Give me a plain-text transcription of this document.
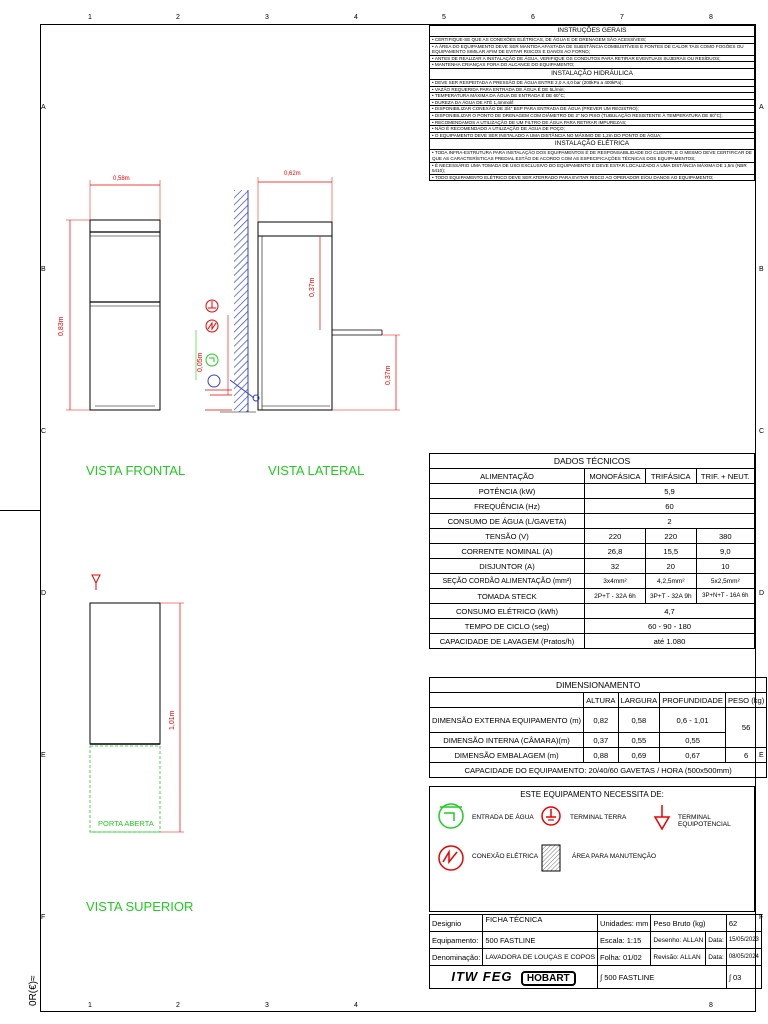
1	2	3	4	5	6	7	8
1	2	3	4	8
A
B
C
D
E
F
A
B
C
D
E
F
0R(€)≈
0,58m
0,83m
0,62m
0,37m
0,37m
0,05m
1,01m
PORTA ABERTA
VISTA FRONTAL	VISTA LATERAL
VISTA SUPERIOR
INSTRUÇÕES GERAIS
• CERTIFIQUE-SE QUE AS CONEXÕES ELÉTRICAS, DE ÁGUA E DE DRENAGEM SÃO ACESSÍVEIS;
• A ÁREA DO EQUIPAMENTO DEVE SER MANTIDA AFASTADA DE SUBSTÂNCIA COMBUSTÍVEIS E FONTES DE CALOR TAIS COMO FOGÕES OU EQUIPAMENTO SIMILAR AFIM DE EVITAR RISCOS E DANOS AO FORNO;
• ANTES DE REALIZAR A INSTALAÇÃO DE ÁGUA, VERIFIQUE OS CONDUTOS PARA RETIRAR EVENTUAIS SUJEIRAS OU RESÍDUOS;
• MANTENHA CRIANÇAS FORA DO ALCANCE DO EQUIPAMENTO;
INSTALAÇÃO HIDRÁULICA
• DEVE SER RESPEITADA A PRESSÃO DE ÁGUA ENTRE 2,0 A 4,0 bar (200kPa a 400kPa);
• VAZÃO REQUERIDA PARA ENTRADA DE ÁGUA É DE 5L/min;
• TEMPERATURA MÁXIMA DA ÁGUA DE ENTRADA É DE 60°C;
• DUREZA DA ÁGUA DE ATÉ 1,4mmol/l
• DISPONIBILIZAR CONEXÃO DE 3/4" BSP PARA ENTRADA DE ÁGUA (PREVER UM REGISTRO);
• DISPONIBILIZAR O PONTO DE DRENAGEM COM DIÂMETRO DE 2" NO PISO (TUBULAÇÃO RESISTENTE À TEMPERATURA DE 80°C);
• RECOMENDAMOS A UTILIZAÇÃO DE UM FILTRO DE ÁGUA PARA RETIRAR IMPUREZAS;
• NÃO É RECOMENDADO A UTILIZAÇÃO DE ÁGUA DE POÇO;
• O EQUIPAMENTO DEVE SER INSTALADO A UMA DISTÂNCIA NO MÁXIMO DE 1,2m DO PONTO DE ÁGUA;
INSTALAÇÃO ELÉTRICA
• TODA INFRA-ESTRUTURA PARA INSTALAÇÃO DOS EQUIPAMENTOS É DE RESPONSABILIDADE DO CLIENTE, E O MESMO DEVE CERTIFICAR DE QUE AS CARACTERÍSTICAS PREDIAL ESTÃO DE ACORDO COM AS ESPECIFICAÇÕES TÉCNICAS DOS EQUIPAMENTOS;
• É NECESSÁRIO UMA TOMADA DE USO EXCLUSIVO DO EQUIPAMENTO E DEVE ESTAR LOCALIZADO A UMA DISTÂNCIA MÁXIMA DE 1,5m (NBR 5410);
• TODO EQUIPAMENTO ELÉTRICO DEVE SER ATERRADO PARA EVITAR RISCO AO OPERADOR E/OU DANOS AO EQUIPAMENTO;
DADOS TÉCNICOS			
ALIMENTAÇÃO	MONOFÁSICA	TRIFÁSICA	TRIF. + NEUT.
POTÊNCIA (kW)	5,9		
FREQUÊNCIA (Hz)	60		
CONSUMO DE ÁGUA (L/GAVETA)	2		
TENSÃO (V)	220	220	380
CORRENTE NOMINAL (A)	26,8	15,5	9,0
DISJUNTOR (A)	32	20	10
SEÇÃO CORDÃO ALIMENTAÇÃO (mm²)	3x4mm²	4,2,5mm²	5x2,5mm²
TOMADA STECK	2P+T - 32A 6h	3P+T - 32A 9h	3P+N+T - 16A 6h
CONSUMO ELÉTRICO (kWh)	4,7		
TEMPO DE CICLO (seg)	60 - 90 - 180		
CAPACIDADE DE LAVAGEM (Pratos/h)	até 1.080		
DIMENSIONAMENTO				
	ALTURA	LARGURA	PROFUNDIDADE	PESO (kg)
DIMENSÃO EXTERNA EQUIPAMENTO (m)	0,82	0,58	0,6 - 1,01	56
DIMENSÃO INTERNA (CÂMARA)(m)	0,37	0,55	0,55	
DIMENSÃO EMBALAGEM (m)	0,88	0,69	0,67	6
CAPACIDADE DO EQUIPAMENTO: 20/40/60 GAVETAS / HORA (500x500mm)				
ESTE EQUIPAMENTO NECESSITA DE:
ENTRADA DE ÁGUA	TERMINAL TERRA	TERMINAL EQUIPOTENCIAL
CONEXÃO ELÉTRICA	ÁREA PARA MANUTENÇÃO
Designio	FICHA TÉCNICA	Unidades: mm	Peso Bruto (kg)		62
Equipamento:	500 FASTLINE	Escala: 1:15	Desenho: ALLAN	Data:	15/05/2023
Denominação:	LAVADORA DE LOUÇAS E COPOS	Folha: 01/02	Revisão: ALLAN	Data:	08/05/2024
ITW FEG HOBART		∫ 500 FASTLINE			∫ 03
